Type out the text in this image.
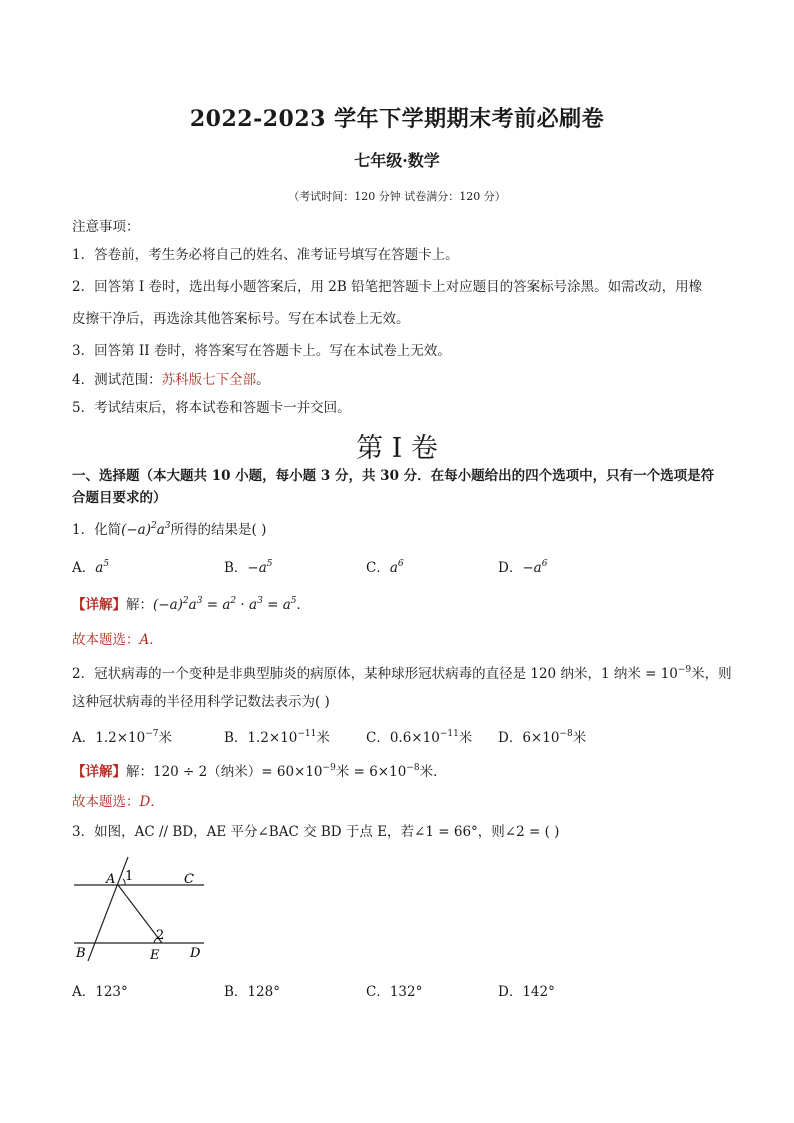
2022-2023 学年下学期期末考前必刷卷
七年级·数学
（考试时间：120 分钟 试卷满分：120 分）
注意事项：
1．答卷前，考生务必将自己的姓名、准考证号填写在答题卡上。
2．回答第 I 卷时，选出每小题答案后，用 2B 铅笔把答题卡上对应题目的答案标号涂黑。如需改动，用橡
皮擦干净后，再选涂其他答案标号。写在本试卷上无效。
3．回答第 II 卷时，将答案写在答题卡上。写在本试卷上无效。
4．测试范围：苏科版七下全部。
5．考试结束后，将本试卷和答题卡一并交回。
第 I 卷
一、选择题（本大题共 10 小题，每小题 3 分，共 30 分．在每小题给出的四个选项中，只有一个选项是符
合题目要求的）
1．化简$(-a)^2a^3$所得的结果是( )
A．$a^5$	B．$-a^5$	C．$a^6$	D．$-a^6$
【详解】解：$(-a)^2a^3 = a^2 \cdot a^3 = a^5$．
故本题选：A．
2．冠状病毒的一个变种是非典型肺炎的病原体，某种球形冠状病毒的直径是 120 纳米，1 纳米 = $10^{-9}$米，则
这种冠状病毒的半径用科学记数法表示为( )
A．$1.2\times 10^{-7}$米	B．$1.2\times 10^{-11}$米	C．$0.6\times 10^{-11}$米 D．$6\times 10^{-8}$米
【详解】解：120 ÷ 2（纳米）= $60\times 10^{-9}$米 = $6\times 10^{-8}$米．
故本题选：D．
3．如图，AC // BD，AE 平分∠BAC 交 BD 于点 E，若∠1 = 66°，则∠2 = ( )
A 1	C
2
B	E D
A．123°	B．128°	C．132°	D．142°
